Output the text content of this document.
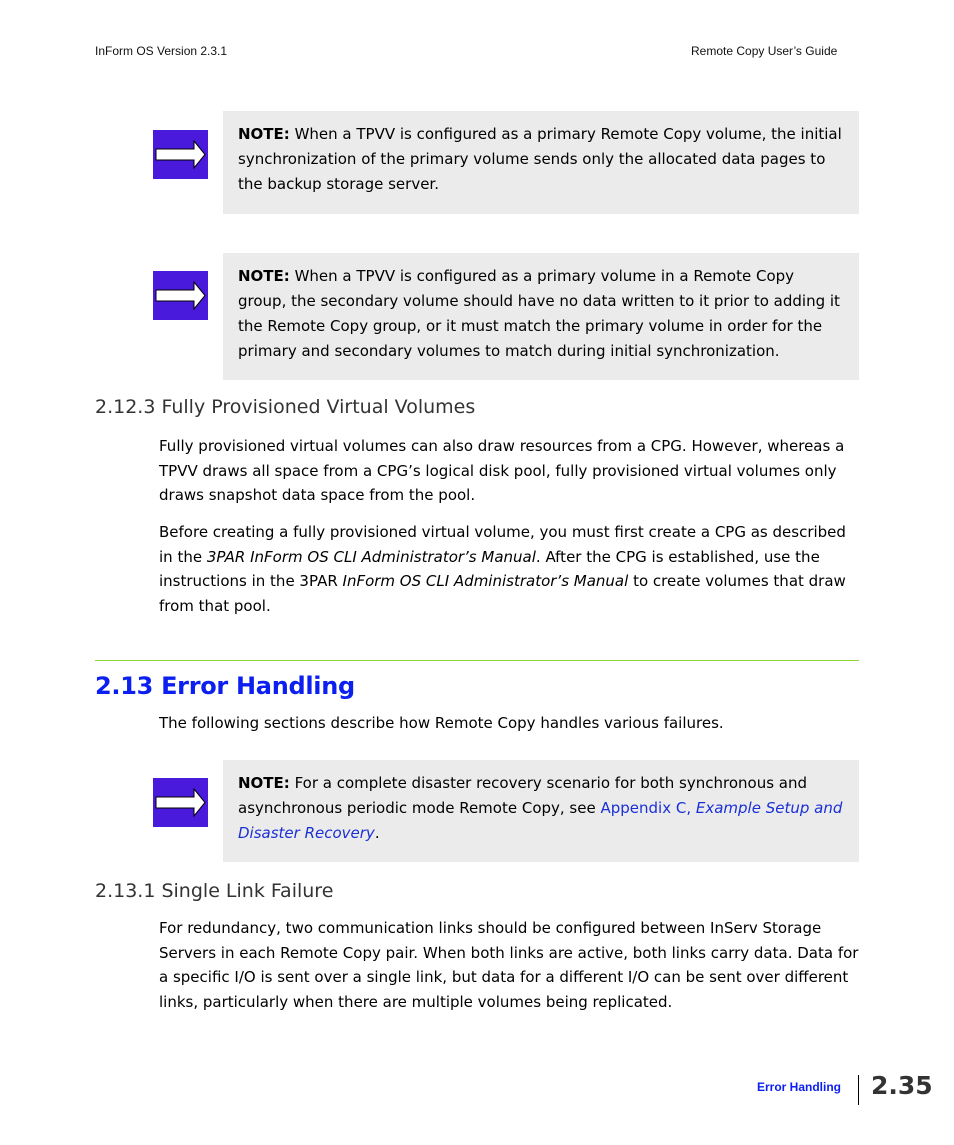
InForm OS Version 2.3.1	Remote Copy User’s Guide
NOTE: When a TPVV is configured as a primary Remote Copy volume, the initial synchronization of the primary volume sends only the allocated data pages to the backup storage server.
NOTE: When a TPVV is configured as a primary volume in a Remote Copy group, the secondary volume should have no data written to it prior to adding it the Remote Copy group, or it must match the primary volume in order for the primary and secondary volumes to match during initial synchronization.
2.12.3 Fully Provisioned Virtual Volumes

Fully provisioned virtual volumes can also draw resources from a CPG. However, whereas a TPVV draws all space from a CPG’s logical disk pool, fully provisioned virtual volumes only draws snapshot data space from the pool.

Before creating a fully provisioned virtual volume, you must first create a CPG as described in the 3PAR InForm OS CLI Administrator’s Manual. After the CPG is established, use the instructions in the 3PAR InForm OS CLI Administrator’s Manual to create volumes that draw from that pool.

2.13 Error Handling

The following sections describe how Remote Copy handles various failures.

NOTE: For a complete disaster recovery scenario for both synchronous and asynchronous periodic mode Remote Copy, see Appendix C, Example Setup and Disaster Recovery.
2.13.1 Single Link Failure

For redundancy, two communication links should be configured between InServ Storage Servers in each Remote Copy pair. When both links are active, both links carry data. Data for a specific I/O is sent over a single link, but data for a different I/O can be sent over different links, particularly when there are multiple volumes being replicated.

Error Handling 2.35
